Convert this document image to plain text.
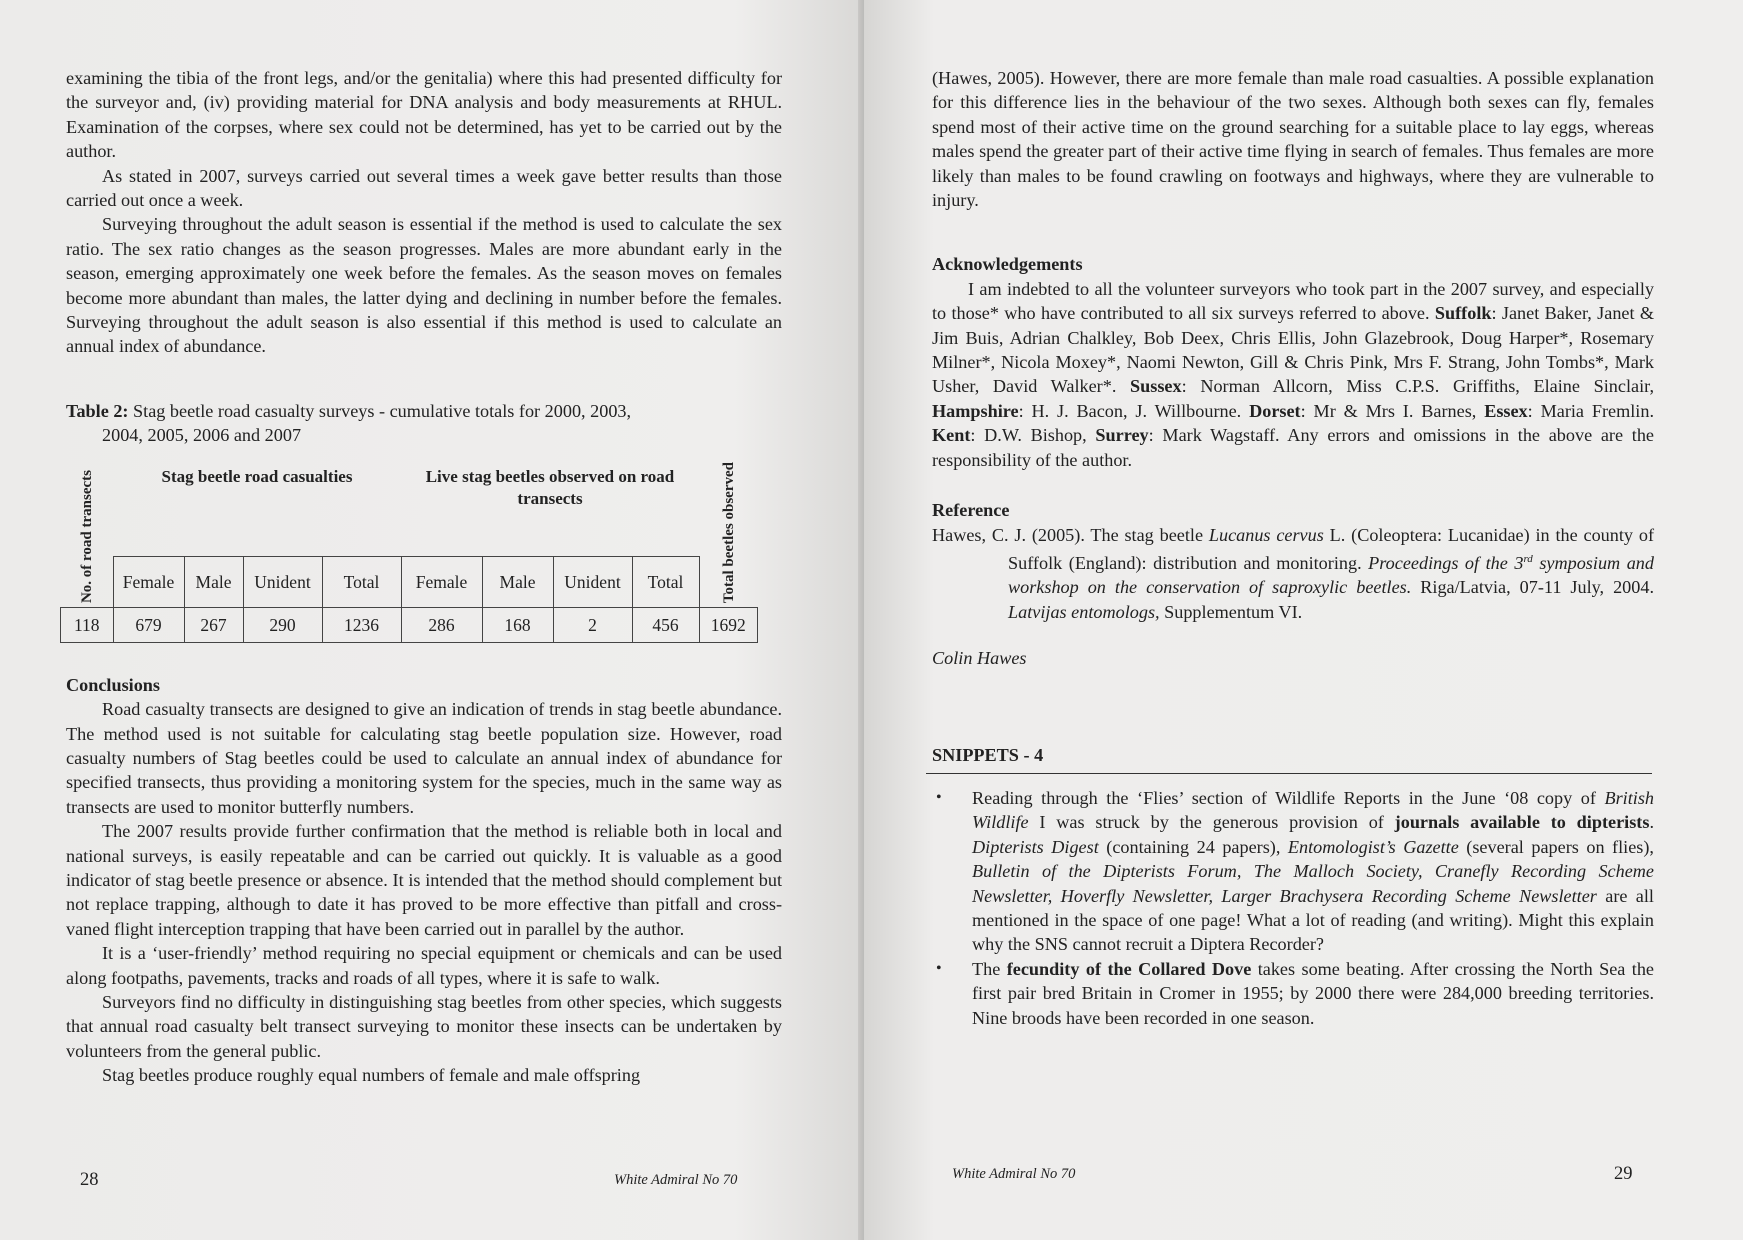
examining the tibia of the front legs, and/or the genitalia) where this had presented difficulty for the surveyor and, (iv) providing material for DNA analysis and body measurements at RHUL. Examination of the corpses, where sex could not be determined, has yet to be carried out by the author.

As stated in 2007, surveys carried out several times a week gave better results than those carried out once a week.

Surveying throughout the adult season is essential if the method is used to calculate the sex ratio. The sex ratio changes as the season progresses. Males are more abundant early in the season, emerging approximately one week before the females. As the season moves on females become more abundant than males, the latter dying and declining in number before the females. Surveying throughout the adult season is also essential if this method is used to calculate an annual index of abundance.

Table 2: Stag beetle road casualty surveys - cumulative totals for 2000, 2003,
2004, 2005, 2006 and 2007
No. of road transects	Stag beetle road casualties				Live stag beetles observed on road transects				Total beetles observed

	Female	Male	Unident	Total	Female	Male	Unident	Total	
118	679	267	290	1236	286	168	2	456	1692
Conclusions

Road casualty transects are designed to give an indication of trends in stag beetle abundance. The method used is not suitable for calculating stag beetle population size. However, road casualty numbers of Stag beetles could be used to calculate an annual index of abundance for specified transects, thus providing a monitoring system for the species, much in the same way as transects are used to monitor butterfly numbers.

The 2007 results provide further confirmation that the method is reliable both in local and national surveys, is easily repeatable and can be carried out quickly. It is valuable as a good indicator of stag beetle presence or absence. It is intended that the method should complement but not replace trapping, although to date it has proved to be more effective than pitfall and cross-vaned flight interception trapping that have been carried out in parallel by the author.

It is a ‘user-friendly’ method requiring no special equipment or chemicals and can be used along footpaths, pavements, tracks and roads of all types, where it is safe to walk.

Surveyors find no difficulty in distinguishing stag beetles from other species, which suggests that annual road casualty belt transect surveying to monitor these insects can be undertaken by volunteers from the general public.

Stag beetles produce roughly equal numbers of female and male offspring

28	White Admiral No 70

(Hawes, 2005). However, there are more female than male road casualties. A possible explanation for this difference lies in the behaviour of the two sexes. Although both sexes can fly, females spend most of their active time on the ground searching for a suitable place to lay eggs, whereas males spend the greater part of their active time flying in search of females. Thus females are more likely than males to be found crawling on footways and highways, where they are vulnerable to injury.

Acknowledgements

I am indebted to all the volunteer surveyors who took part in the 2007 survey, and especially to those* who have contributed to all six surveys referred to above. Suffolk: Janet Baker, Janet & Jim Buis, Adrian Chalkley, Bob Deex, Chris Ellis, John Glazebrook, Doug Harper*, Rosemary Milner*, Nicola Moxey*, Naomi Newton, Gill & Chris Pink, Mrs F. Strang, John Tombs*, Mark Usher, David Walker*. Sussex: Norman Allcorn, Miss C.P.S. Griffiths, Elaine Sinclair, Hampshire: H. J. Bacon, J. Willbourne. Dorset: Mr & Mrs I. Barnes, Essex: Maria Fremlin. Kent: D.W. Bishop, Surrey: Mark Wagstaff. Any errors and omissions in the above are the responsibility of the author.

Reference

Hawes, C. J. (2005). The stag beetle Lucanus cervus L. (Coleoptera: Lucanidae) in the county of Suffolk (England): distribution and monitoring. Proceedings of the 3rd symposium and workshop on the conservation of saproxylic beetles. Riga/Latvia, 07-11 July, 2004. Latvijas entomologs, Supplementum VI.

Colin Hawes

SNIPPETS - 4
• Reading through the ‘Flies’ section of Wildlife Reports in the June ‘08 copy of British Wildlife I was struck by the generous provision of journals available to dipterists. Dipterists Digest (containing 24 papers), Entomologist’s Gazette (several papers on flies), Bulletin of the Dipterists Forum, The Malloch Society, Cranefly Recording Scheme Newsletter, Hoverfly Newsletter, Larger Brachysera Recording Scheme Newsletter are all mentioned in the space of one page! What a lot of reading (and writing). Might this explain why the SNS cannot recruit a Diptera Recorder?
• The fecundity of the Collared Dove takes some beating. After crossing the North Sea the first pair bred Britain in Cromer in 1955; by 2000 there were 284,000 breeding territories. Nine broods have been recorded in one season.
White Admiral No 70	29
